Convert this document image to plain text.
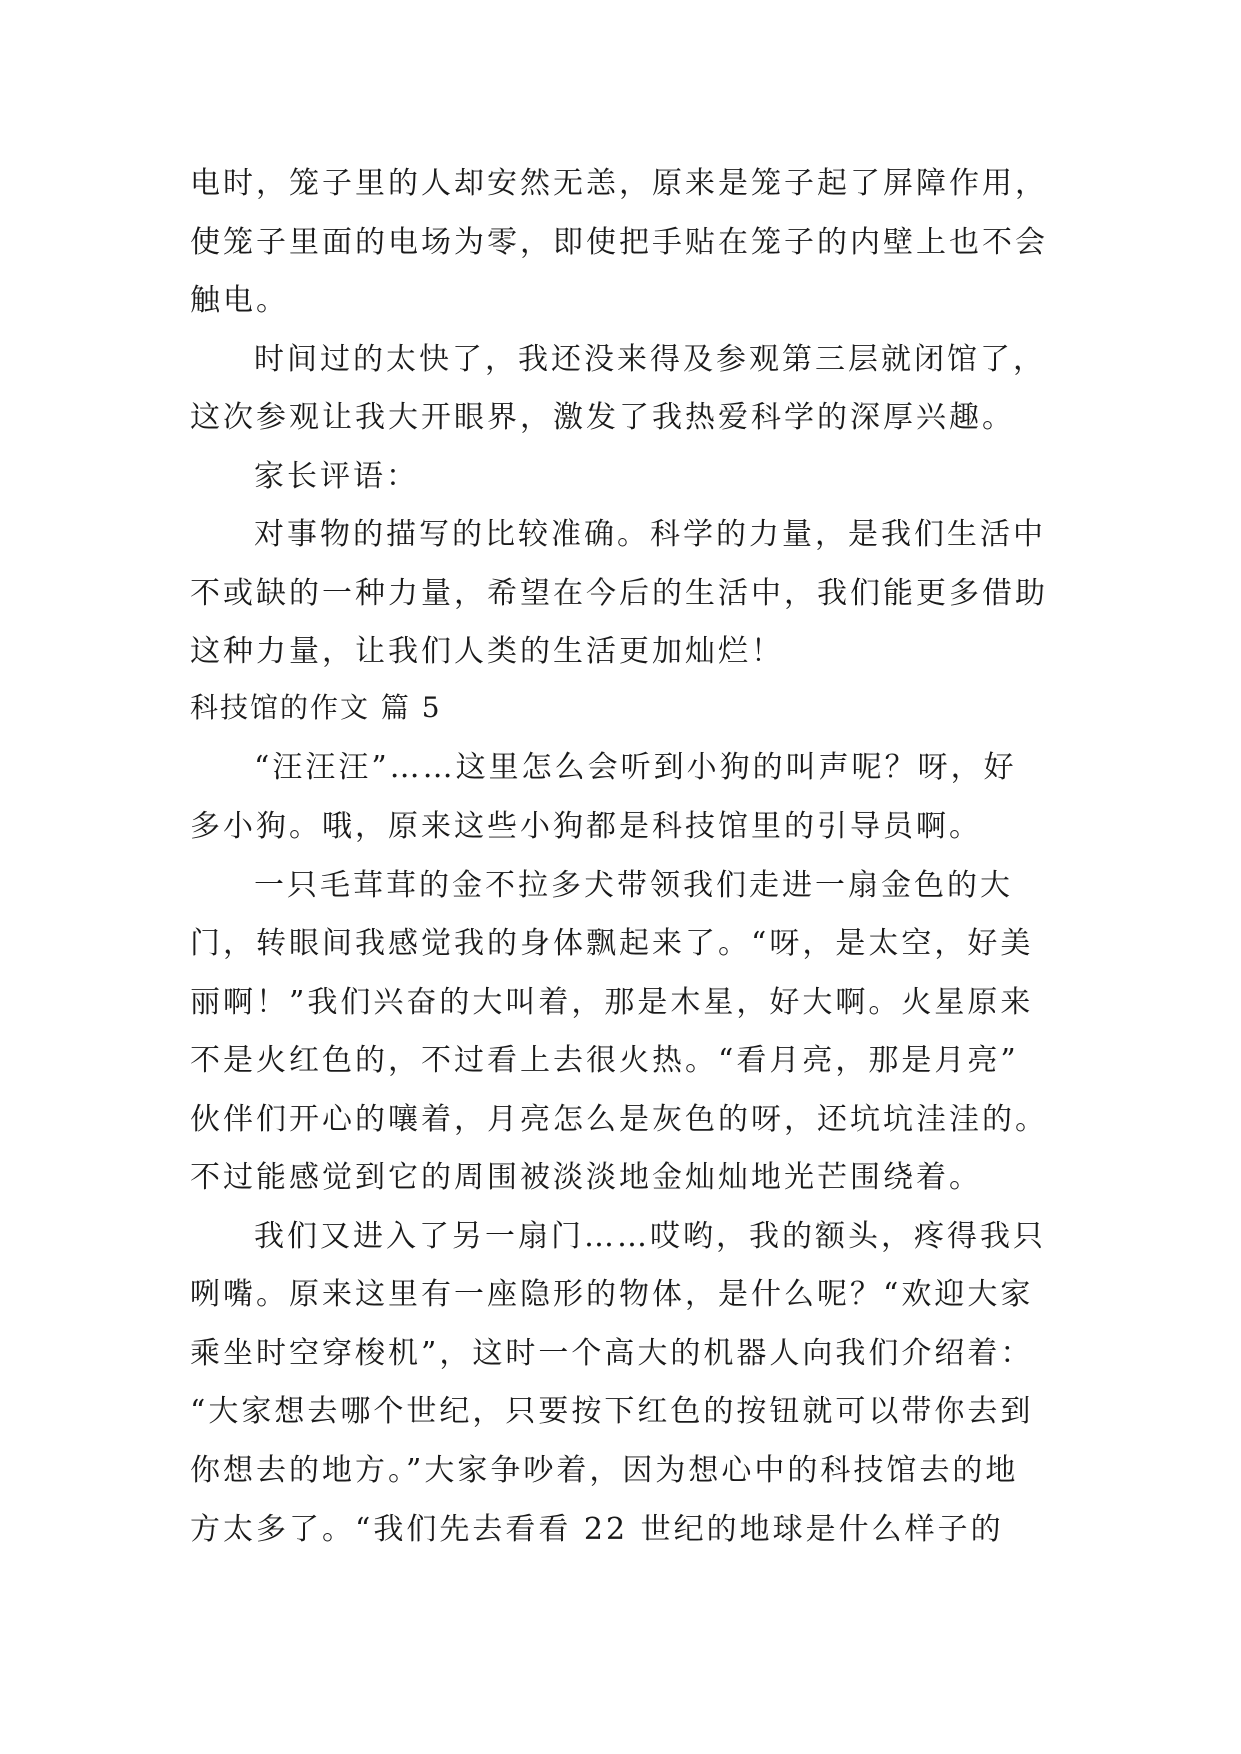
电时，笼子里的人却安然无恙，原来是笼子起了屏障作用，
使笼子里面的电场为零，即使把手贴在笼子的内壁上也不会
触电。
时间过的太快了，我还没来得及参观第三层就闭馆了，
这次参观让我大开眼界，激发了我热爱科学的深厚兴趣。
家长评语：
对事物的描写的比较准确。科学的力量，是我们生活中
不或缺的一种力量，希望在今后的生活中，我们能更多借助
这种力量，让我们人类的生活更加灿烂！
科技馆的作文 篇 5
“汪汪汪”……这里怎么会听到小狗的叫声呢？呀，好
多小狗。哦，原来这些小狗都是科技馆里的引导员啊。
一只毛茸茸的金不拉多犬带领我们走进一扇金色的大
门，转眼间我感觉我的身体飘起来了。“呀，是太空，好美
丽啊！”我们兴奋的大叫着，那是木星，好大啊。火星原来
不是火红色的，不过看上去很火热。“看月亮，那是月亮”
伙伴们开心的嚷着，月亮怎么是灰色的呀，还坑坑洼洼的。
不过能感觉到它的周围被淡淡地金灿灿地光芒围绕着。
我们又进入了另一扇门……哎哟，我的额头，疼得我只
咧嘴。原来这里有一座隐形的物体，是什么呢？“欢迎大家
乘坐时空穿梭机”，这时一个高大的机器人向我们介绍着：
“大家想去哪个世纪，只要按下红色的按钮就可以带你去到
你想去的地方。”大家争吵着，因为想心中的科技馆去的地
方太多了。“我们先去看看 22 世纪的地球是什么样子的
